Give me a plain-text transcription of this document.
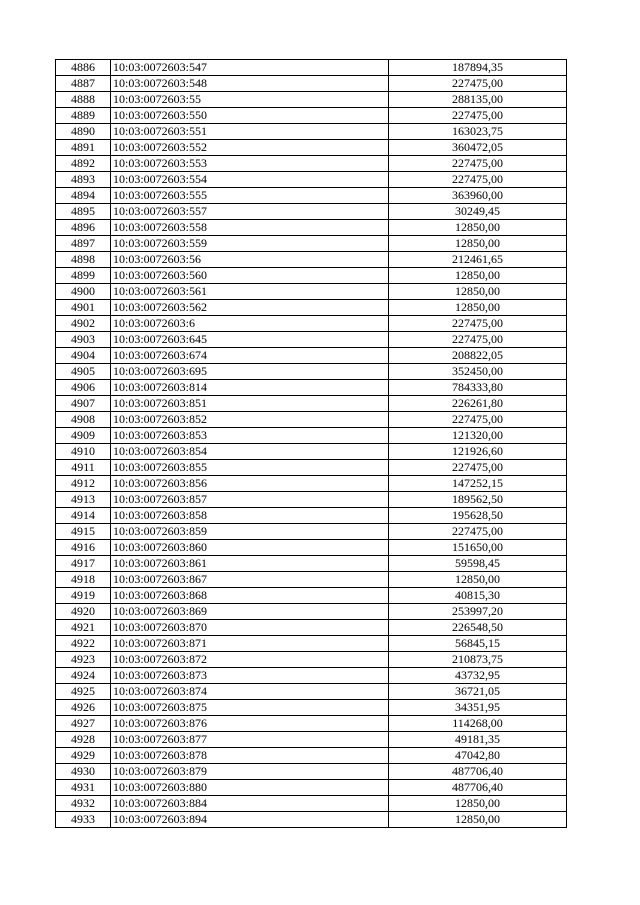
4886	10:03:0072603:547	187894,35
4887	10:03:0072603:548	227475,00
4888	10:03:0072603:55	288135,00
4889	10:03:0072603:550	227475,00
4890	10:03:0072603:551	163023,75
4891	10:03:0072603:552	360472,05
4892	10:03:0072603:553	227475,00
4893	10:03:0072603:554	227475,00
4894	10:03:0072603:555	363960,00
4895	10:03:0072603:557	30249,45
4896	10:03:0072603:558	12850,00
4897	10:03:0072603:559	12850,00
4898	10:03:0072603:56	212461,65
4899	10:03:0072603:560	12850,00
4900	10:03:0072603:561	12850,00
4901	10:03:0072603:562	12850,00
4902	10:03:0072603:6	227475,00
4903	10:03:0072603:645	227475,00
4904	10:03:0072603:674	208822,05
4905	10:03:0072603:695	352450,00
4906	10:03:0072603:814	784333,80
4907	10:03:0072603:851	226261,80
4908	10:03:0072603:852	227475,00
4909	10:03:0072603:853	121320,00
4910	10:03:0072603:854	121926,60
4911	10:03:0072603:855	227475,00
4912	10:03:0072603:856	147252,15
4913	10:03:0072603:857	189562,50
4914	10:03:0072603:858	195628,50
4915	10:03:0072603:859	227475,00
4916	10:03:0072603:860	151650,00
4917	10:03:0072603:861	59598,45
4918	10:03:0072603:867	12850,00
4919	10:03:0072603:868	40815,30
4920	10:03:0072603:869	253997,20
4921	10:03:0072603:870	226548,50
4922	10:03:0072603:871	56845,15
4923	10:03:0072603:872	210873,75
4924	10:03:0072603:873	43732,95
4925	10:03:0072603:874	36721,05
4926	10:03:0072603:875	34351,95
4927	10:03:0072603:876	114268,00
4928	10:03:0072603:877	49181,35
4929	10:03:0072603:878	47042,80
4930	10:03:0072603:879	487706,40
4931	10:03:0072603:880	487706,40
4932	10:03:0072603:884	12850,00
4933	10:03:0072603:894	12850,00
